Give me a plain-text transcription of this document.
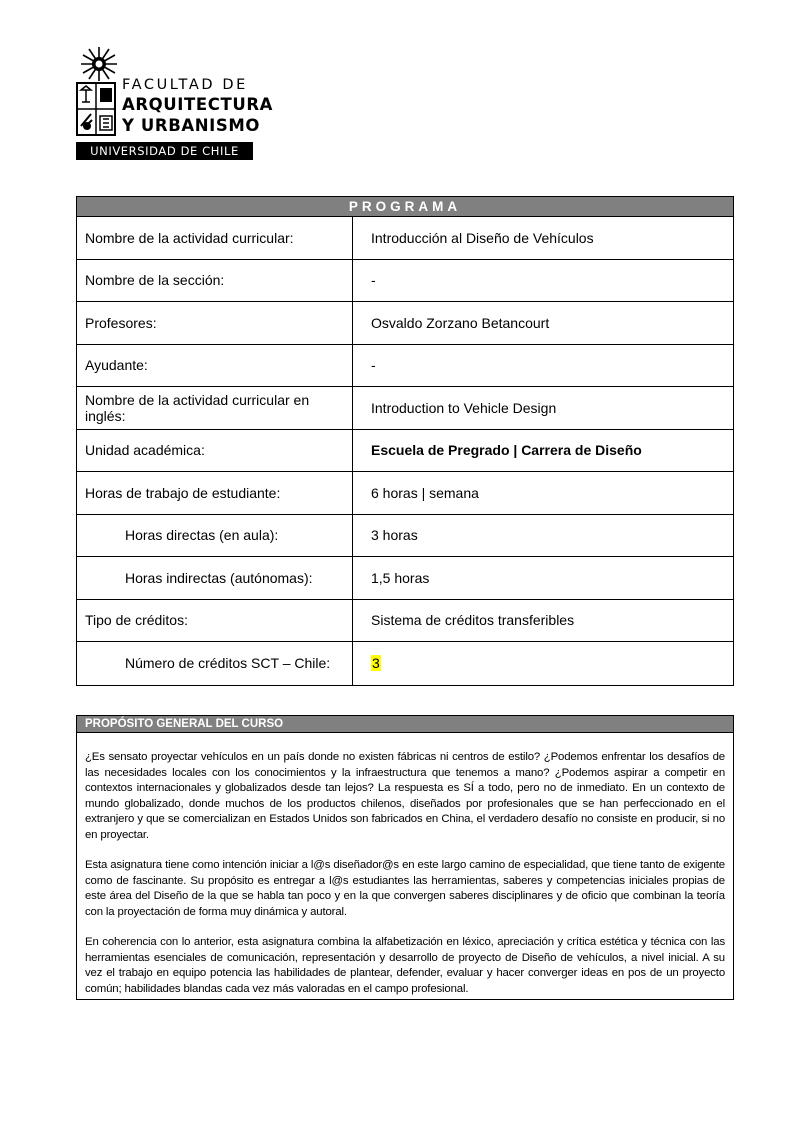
FACULTAD DE
ARQUITECTURA
Y URBANISMO
UNIVERSIDAD DE CHILE
PROGRAMA
Nombre de la actividad curricular:	Introducción al Diseño de Vehículos
Nombre de la sección:	-
Profesores:	Osvaldo Zorzano Betancourt
Ayudante:	-
Nombre de la actividad curricular en inglés:	Introduction to Vehicle Design
Unidad académica:	Escuela de Pregrado | Carrera de Diseño
Horas de trabajo de estudiante:	6 horas | semana
Horas directas (en aula):	3 horas
Horas indirectas (autónomas):	1,5 horas
Tipo de créditos:	Sistema de créditos transferibles
Número de créditos SCT – Chile:	3
PROPÓSITO GENERAL DEL CURSO

¿Es sensato proyectar vehículos en un país donde no existen fábricas ni centros de estilo? ¿Podemos enfrentar los desafíos de las necesidades locales con los conocimientos y la infraestructura que tenemos a mano? ¿Podemos aspirar a competir en contextos internacionales y globalizados desde tan lejos? La respuesta es SÍ a todo, pero no de inmediato. En un contexto de mundo globalizado, donde muchos de los productos chilenos, diseñados por profesionales que se han perfeccionado en el extranjero y que se comercializan en Estados Unidos son fabricados en China, el verdadero desafío no consiste en producir, si no en proyectar.

Esta asignatura tiene como intención iniciar a l@s diseñador@s en este largo camino de especialidad, que tiene tanto de exigente como de fascinante. Su propósito es entregar a l@s estudiantes las herramientas, saberes y competencias iniciales propias de este área del Diseño de la que se habla tan poco y en la que convergen saberes disciplinares y de oficio que combinan la teoría con la proyectación de forma muy dinámica y autoral.

En coherencia con lo anterior, esta asignatura combina la alfabetización en léxico, apreciación y crítica estética y técnica con las herramientas esenciales de comunicación, representación y desarrollo de proyecto de Diseño de vehículos, a nivel inicial. A su vez el trabajo en equipo potencia las habilidades de plantear, defender, evaluar y hacer converger ideas en pos de un proyecto común; habilidades blandas cada vez más valoradas en el campo profesional.
